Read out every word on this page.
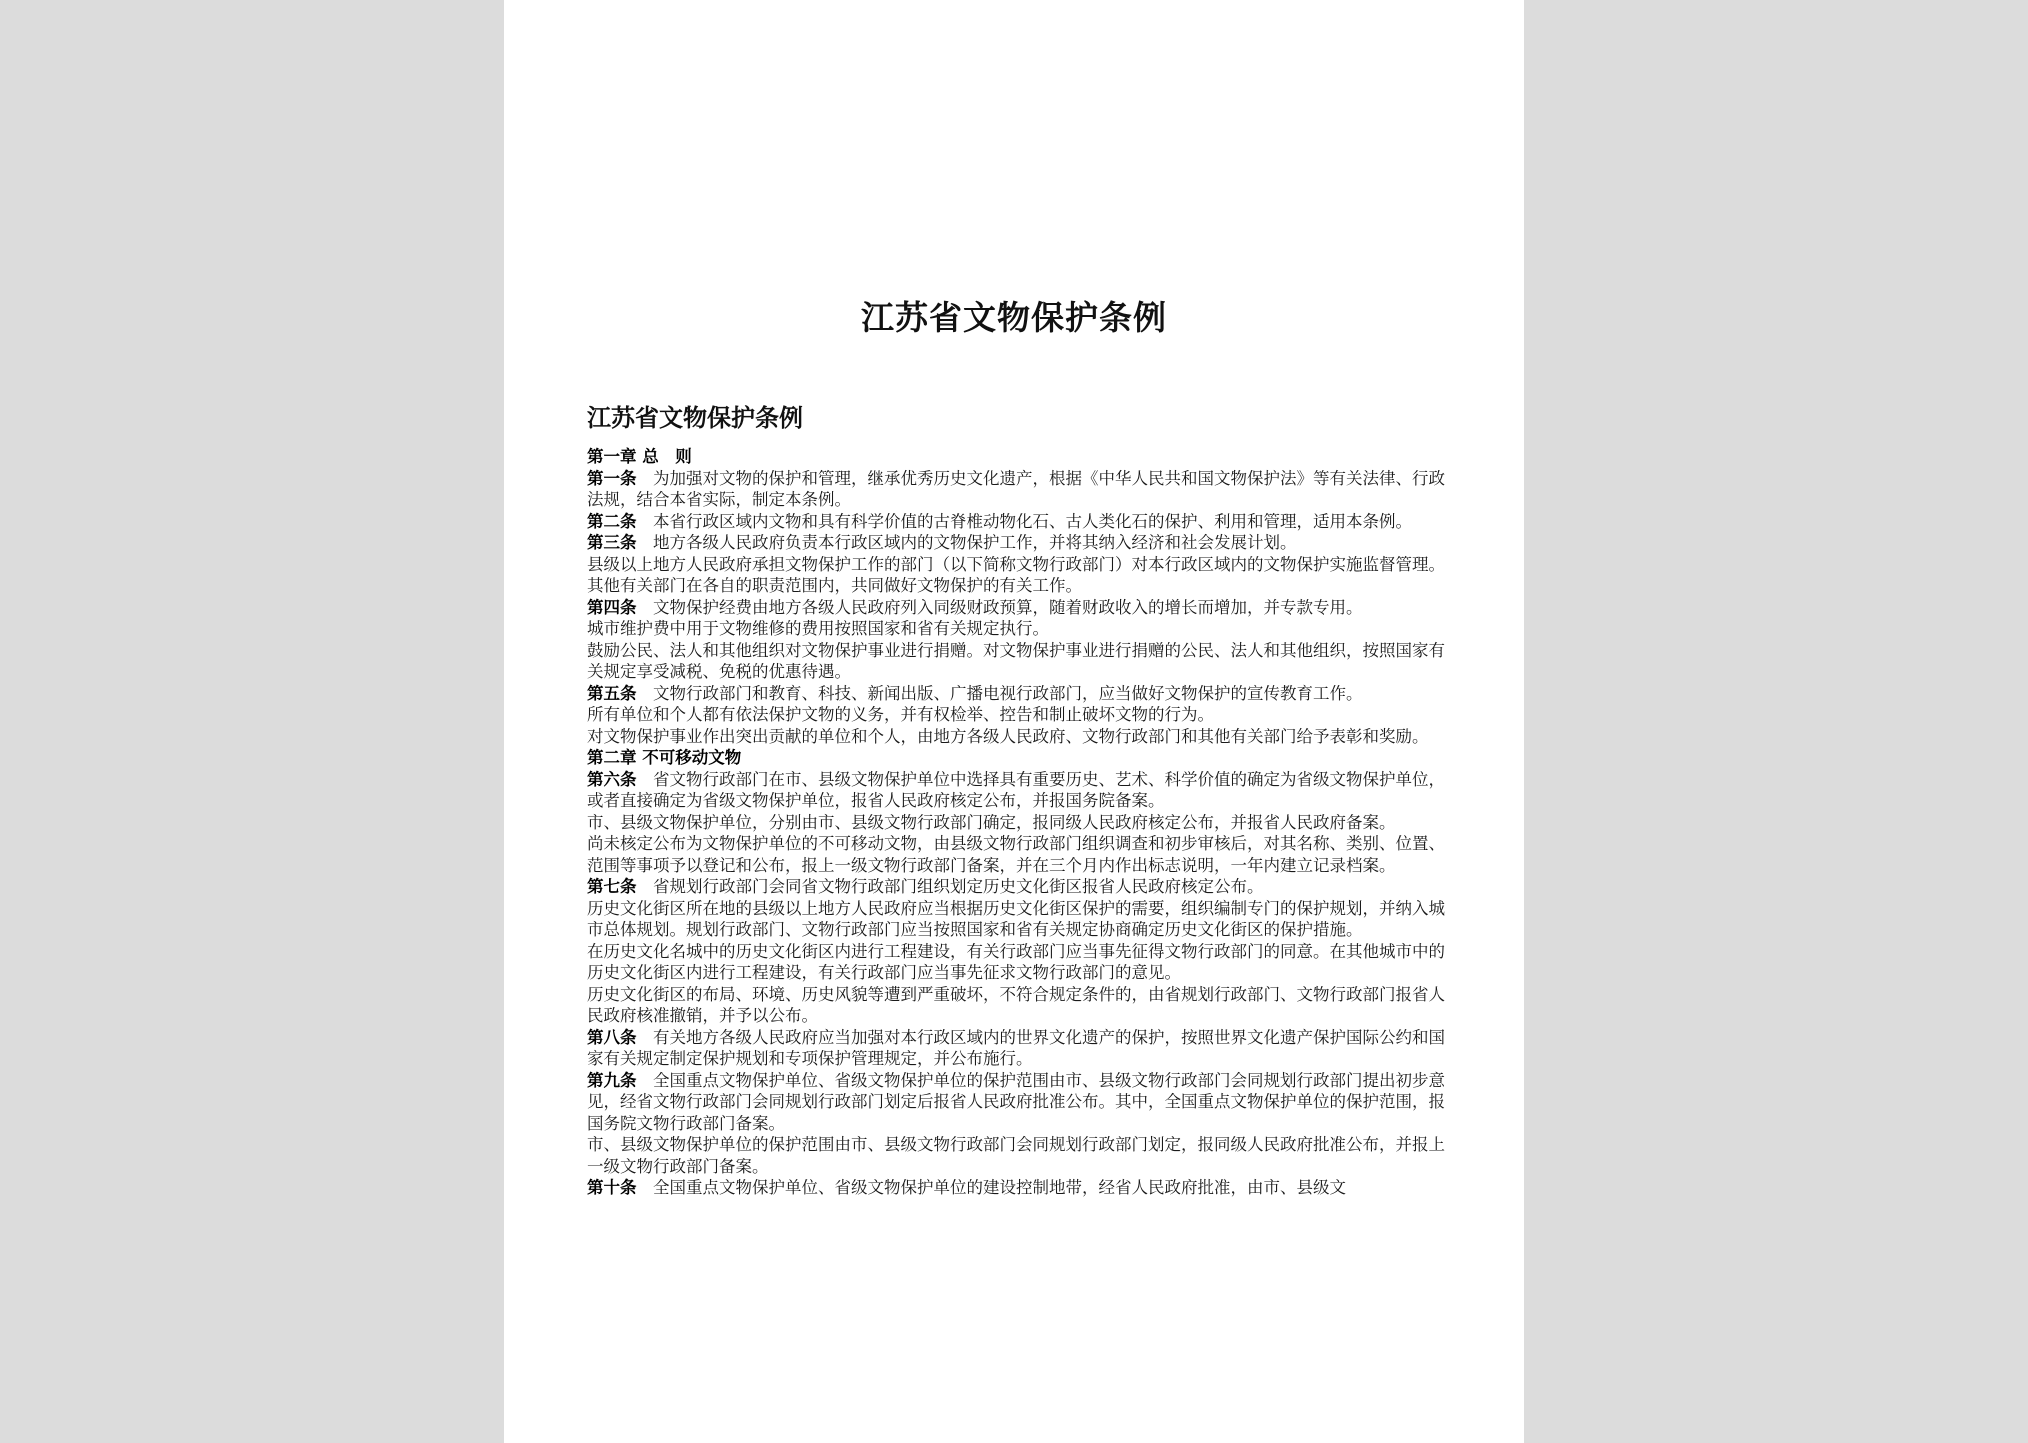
江苏省文物保护条例
江苏省文物保护条例

第一章 总　则

第一条　为加强对文物的保护和管理，继承优秀历史文化遗产，根据《中华人民共和国文物保护法》等有关法律、行政法规，结合本省实际，制定本条例。

第二条　本省行政区域内文物和具有科学价值的古脊椎动物化石、古人类化石的保护、利用和管理，适用本条例。

第三条　地方各级人民政府负责本行政区域内的文物保护工作，并将其纳入经济和社会发展计划。

县级以上地方人民政府承担文物保护工作的部门（以下简称文物行政部门）对本行政区域内的文物保护实施监督管理。

其他有关部门在各自的职责范围内，共同做好文物保护的有关工作。

第四条　文物保护经费由地方各级人民政府列入同级财政预算，随着财政收入的增长而增加，并专款专用。

城市维护费中用于文物维修的费用按照国家和省有关规定执行。

鼓励公民、法人和其他组织对文物保护事业进行捐赠。对文物保护事业进行捐赠的公民、法人和其他组织，按照国家有关规定享受减税、免税的优惠待遇。

第五条　文物行政部门和教育、科技、新闻出版、广播电视行政部门，应当做好文物保护的宣传教育工作。

所有单位和个人都有依法保护文物的义务，并有权检举、控告和制止破坏文物的行为。

对文物保护事业作出突出贡献的单位和个人，由地方各级人民政府、文物行政部门和其他有关部门给予表彰和奖励。

第二章 不可移动文物

第六条　省文物行政部门在市、县级文物保护单位中选择具有重要历史、艺术、科学价值的确定为省级文物保护单位，或者直接确定为省级文物保护单位，报省人民政府核定公布，并报国务院备案。

市、县级文物保护单位，分别由市、县级文物行政部门确定，报同级人民政府核定公布，并报省人民政府备案。

尚未核定公布为文物保护单位的不可移动文物，由县级文物行政部门组织调查和初步审核后，对其名称、类别、位置、范围等事项予以登记和公布，报上一级文物行政部门备案，并在三个月内作出标志说明，一年内建立记录档案。

第七条　省规划行政部门会同省文物行政部门组织划定历史文化街区报省人民政府核定公布。

历史文化街区所在地的县级以上地方人民政府应当根据历史文化街区保护的需要，组织编制专门的保护规划，并纳入城市总体规划。规划行政部门、文物行政部门应当按照国家和省有关规定协商确定历史文化街区的保护措施。

在历史文化名城中的历史文化街区内进行工程建设，有关行政部门应当事先征得文物行政部门的同意。在其他城市中的历史文化街区内进行工程建设，有关行政部门应当事先征求文物行政部门的意见。

历史文化街区的布局、环境、历史风貌等遭到严重破坏，不符合规定条件的，由省规划行政部门、文物行政部门报省人民政府核准撤销，并予以公布。

第八条　有关地方各级人民政府应当加强对本行政区域内的世界文化遗产的保护，按照世界文化遗产保护国际公约和国家有关规定制定保护规划和专项保护管理规定，并公布施行。

第九条　全国重点文物保护单位、省级文物保护单位的保护范围由市、县级文物行政部门会同规划行政部门提出初步意见，经省文物行政部门会同规划行政部门划定后报省人民政府批准公布。其中，全国重点文物保护单位的保护范围，报国务院文物行政部门备案。

市、县级文物保护单位的保护范围由市、县级文物行政部门会同规划行政部门划定，报同级人民政府批准公布，并报上一级文物行政部门备案。

第十条　全国重点文物保护单位、省级文物保护单位的建设控制地带，经省人民政府批准，由市、县级文
